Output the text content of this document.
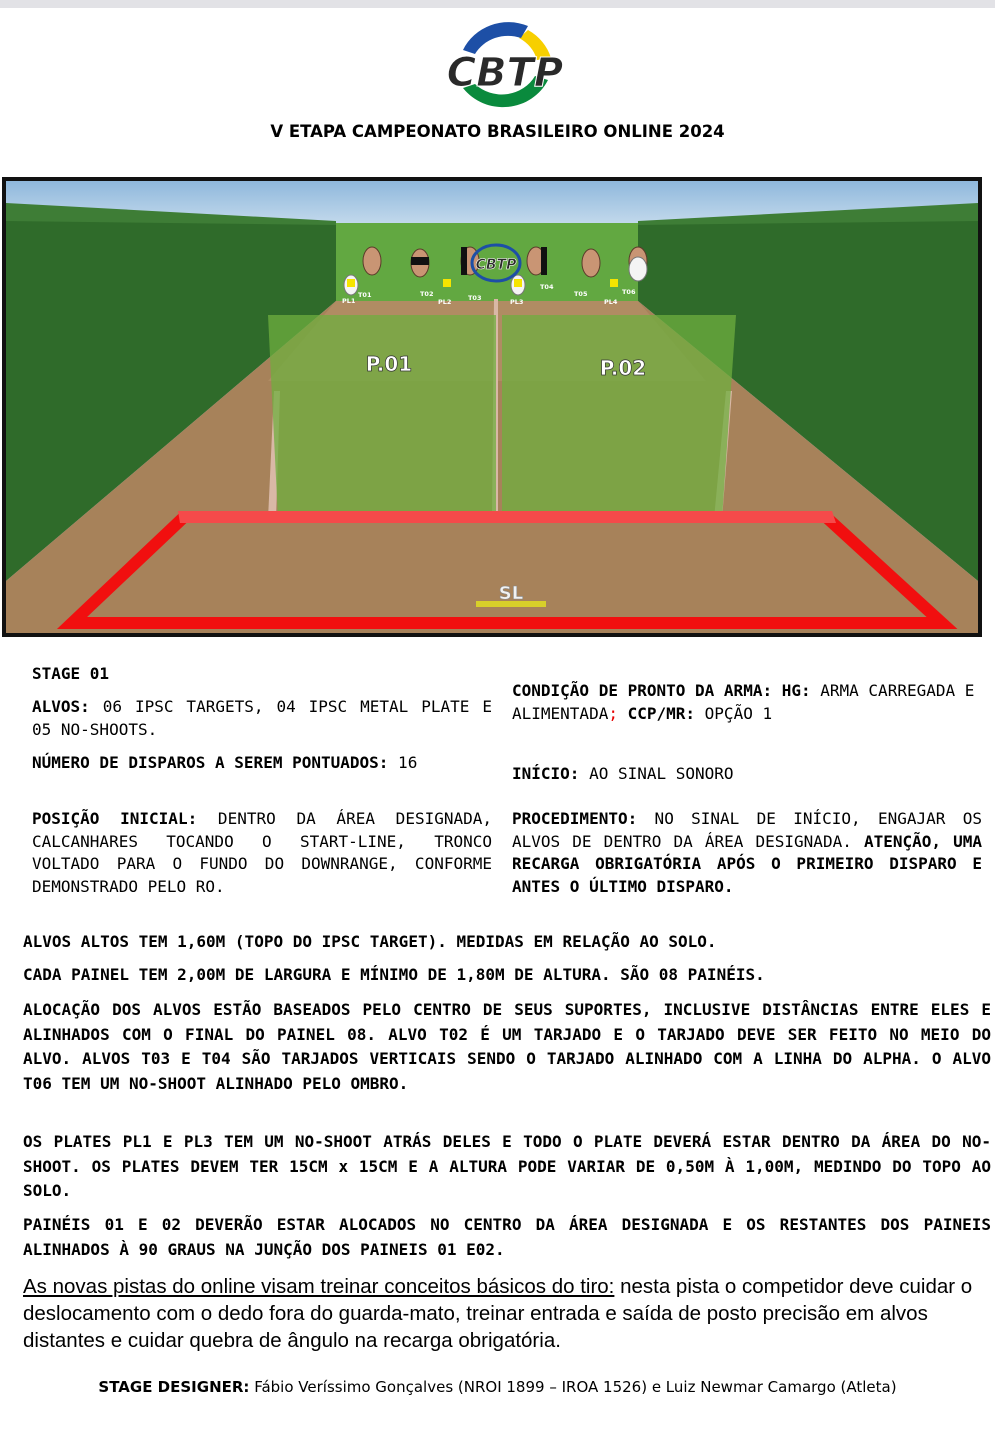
CBTP
V ETAPA CAMPEONATO BRASILEIRO ONLINE 2024
P.01	P.02
T01	T02	T03
T04
T05	T06
PL1	PL2	PL3	PL4
CBTP
SL
STAGE 01
ALVOS: 06 IPSC TARGETS, 04 IPSC METAL PLATE E 05 NO-SHOOTS.
NÚMERO DE DISPAROS A SEREM PONTUADOS: 16
POSIÇÃO INICIAL: DENTRO DA ÁREA DESIGNADA, CALCANHARES TOCANDO O START-LINE, TRONCO VOLTADO PARA O FUNDO DO DOWNRANGE, CONFORME DEMONSTRADO PELO RO.
CONDIÇÃO DE PRONTO DA ARMA: HG: ARMA CARREGADA E ALIMENTADA; CCP/MR: OPÇÃO 1
INÍCIO: AO SINAL SONORO
PROCEDIMENTO: NO SINAL DE INÍCIO, ENGAJAR OS ALVOS DE DENTRO DA ÁREA DESIGNADA. ATENÇÃO, UMA RECARGA OBRIGATÓRIA APÓS O PRIMEIRO DISPARO E ANTES O ÚLTIMO DISPARO.
ALVOS ALTOS TEM 1,60M (TOPO DO IPSC TARGET). MEDIDAS EM RELAÇÃO AO SOLO.
CADA PAINEL TEM 2,00M DE LARGURA E MÍNIMO DE 1,80M DE ALTURA. SÃO 08 PAINÉIS.
ALOCAÇÃO DOS ALVOS ESTÃO BASEADOS PELO CENTRO DE SEUS SUPORTES, INCLUSIVE DISTÂNCIAS ENTRE ELES E ALINHADOS COM O FINAL DO PAINEL 08. ALVO T02 É UM TARJADO E O TARJADO DEVE SER FEITO NO MEIO DO ALVO. ALVOS T03 E T04 SÃO TARJADOS VERTICAIS SENDO O TARJADO ALINHADO COM A LINHA DO ALPHA. O ALVO T06 TEM UM NO-SHOOT ALINHADO PELO OMBRO.
OS PLATES PL1 E PL3 TEM UM NO-SHOOT ATRÁS DELES E TODO O PLATE DEVERÁ ESTAR DENTRO DA ÁREA DO NO-SHOOT. OS PLATES DEVEM TER 15CM x 15CM E A ALTURA PODE VARIAR DE 0,50M À 1,00M, MEDINDO DO TOPO AO SOLO.
PAINÉIS 01 E 02 DEVERÃO ESTAR ALOCADOS NO CENTRO DA ÁREA DESIGNADA E OS RESTANTES DOS PAINEIS ALINHADOS À 90 GRAUS NA JUNÇÃO DOS PAINEIS 01 E02.
As novas pistas do online visam treinar conceitos básicos do tiro: nesta pista o competidor deve cuidar o deslocamento com o dedo fora do guarda-mato, treinar entrada e saída de posto precisão em alvos distantes e cuidar quebra de ângulo na recarga obrigatória.
STAGE DESIGNER: Fábio Veríssimo Gonçalves (NROI 1899 – IROA 1526) e Luiz Newmar Camargo (Atleta)
